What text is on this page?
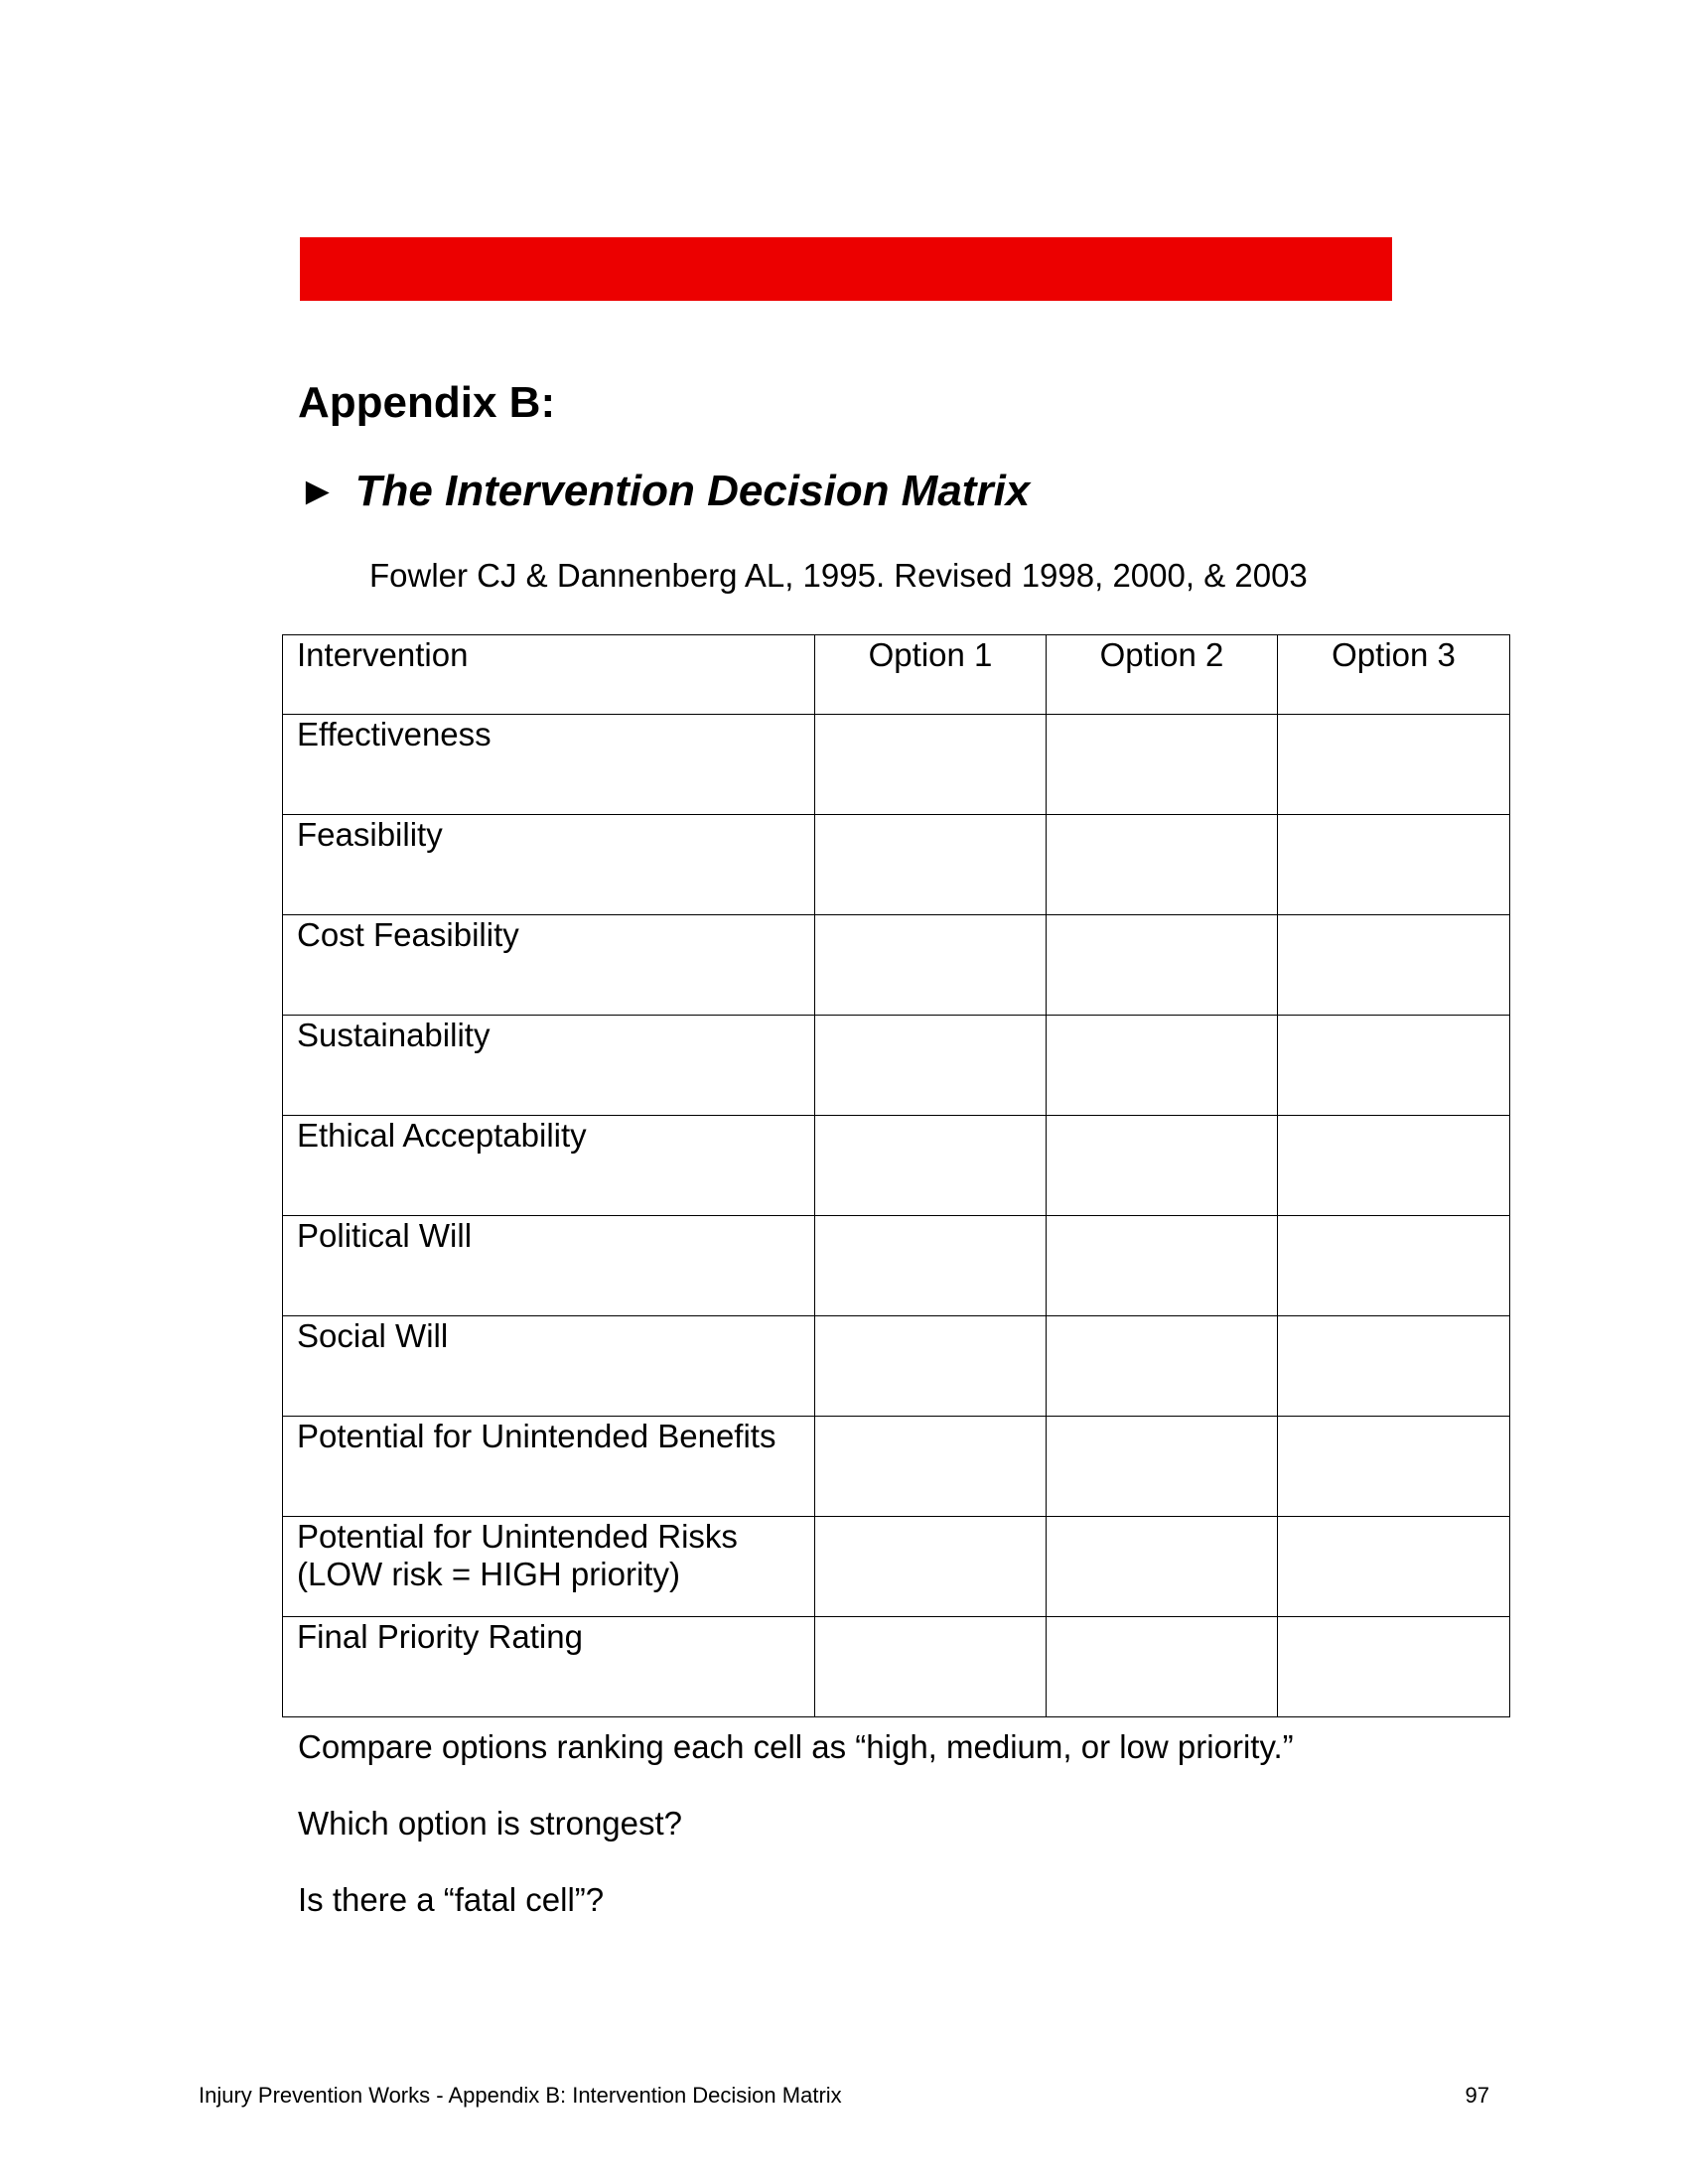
Appendix B:
► The Intervention Decision Matrix

Fowler CJ & Dannenberg AL, 1995. Revised 1998, 2000, & 2003

Intervention	Option 1	Option 2	Option 3
Effectiveness			
Feasibility			
Cost Feasibility			
Sustainability			
Ethical Acceptability			
Political Will			
Social Will			
Potential for Unintended Benefits			

Potential for Unintended Risks
(LOW risk = HIGH priority)			

Final Priority Rating			

Compare options ranking each cell as “high, medium, or low priority.”

Which option is strongest?

Is there a “fatal cell”?

Injury Prevention Works - Appendix B: Intervention Decision Matrix	97
